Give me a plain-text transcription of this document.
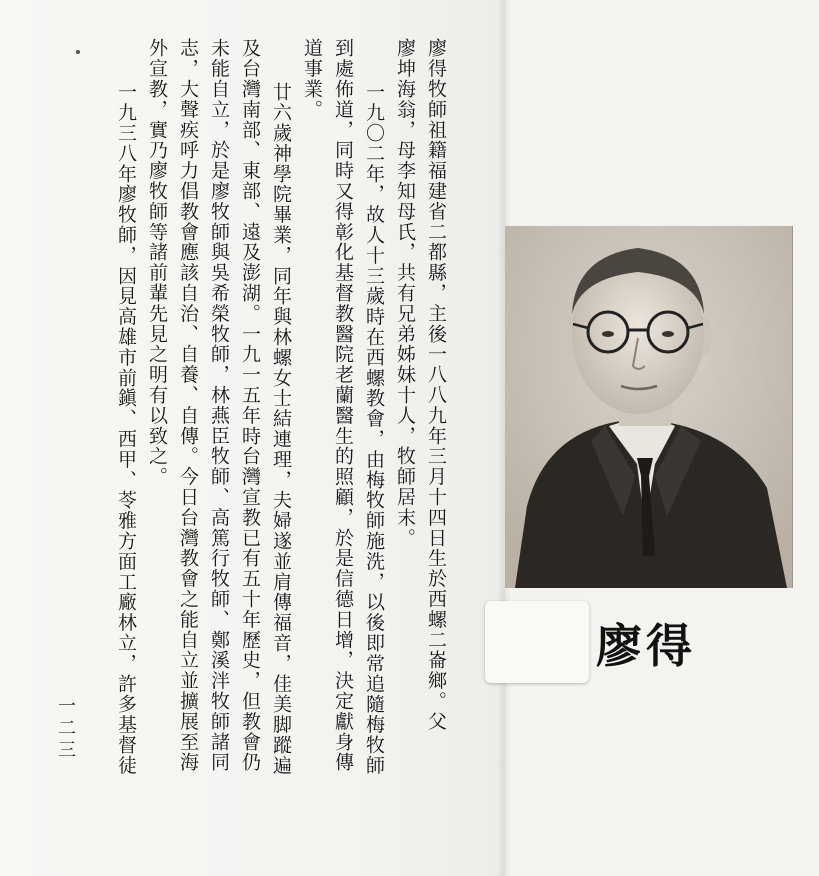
廖得牧師祖籍福建省二都縣，主後一八八九年三月十四日生於西螺二崙鄉。父
廖坤海翁，母李知母氏，共有兄弟姊妹十人，牧師居末。
一九〇二年，故人十三歲時在西螺教會，由梅牧師施洗，以後即常追隨梅牧師
到處佈道，同時又得彰化基督教醫院老蘭醫生的照顧，於是信德日增，決定獻身傳
道事業。
廿六歲神學院畢業，同年與林螺女士結連理，夫婦遂並肩傳福音，佳美脚蹤遍
及台灣南部、東部、遠及澎湖。一九一五年時台灣宣教已有五十年歷史，但教會仍
未能自立，於是廖牧師與吳希榮牧師，林燕臣牧師、高篤行牧師、鄭溪泮牧師諸同
志，大聲疾呼力倡教會應該自治、自養、自傳。今日台灣教會之能自立並擴展至海
外宣教，實乃廖牧師等諸前輩先見之明有以致之。
一九三八年廖牧師，因見高雄市前鎭、西甲、苓雅方面工廠林立，許多基督徒
一二三
廖得
